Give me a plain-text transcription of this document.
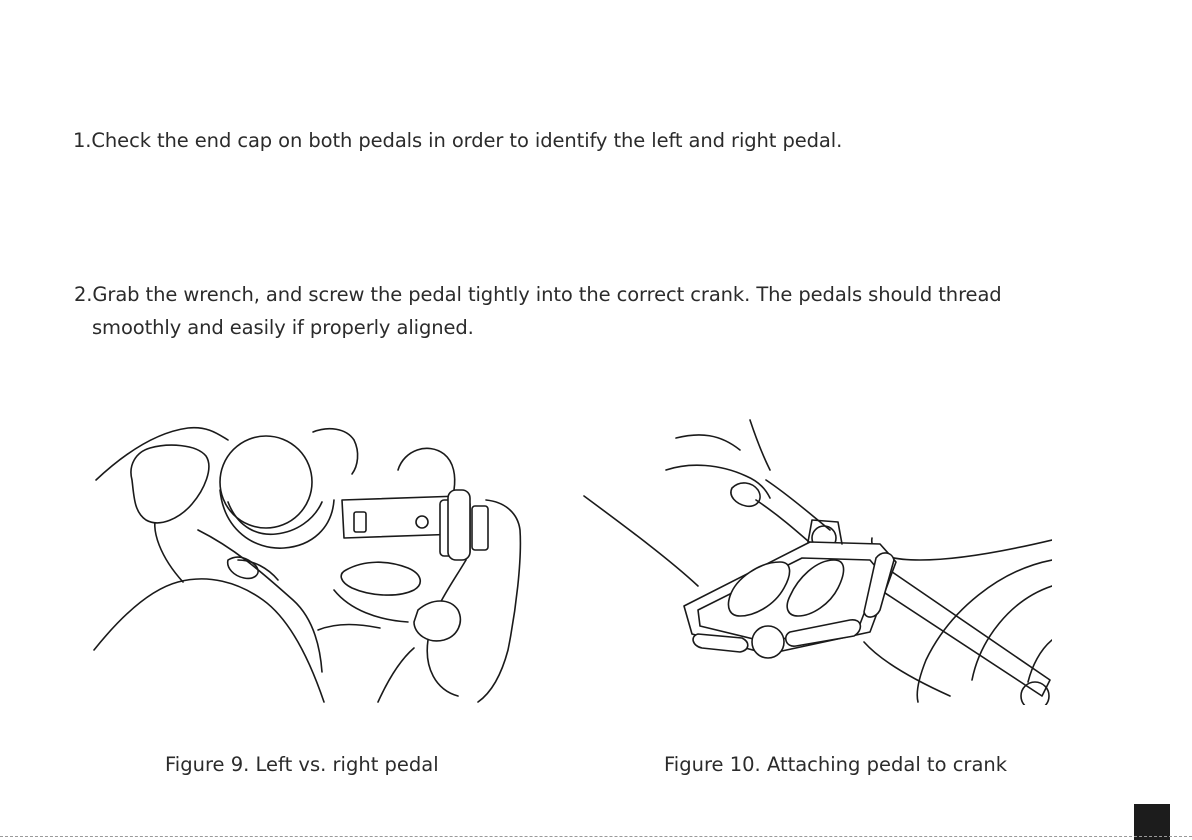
1.Check the end cap on both pedals in order to identify the left and right pedal.

2.Grab the wrench, and screw the pedal tightly into the correct crank. The pedals should thread
smoothly and easily if properly aligned.

Figure 9. Left vs. right pedal	Figure 10. Attaching pedal to crank
